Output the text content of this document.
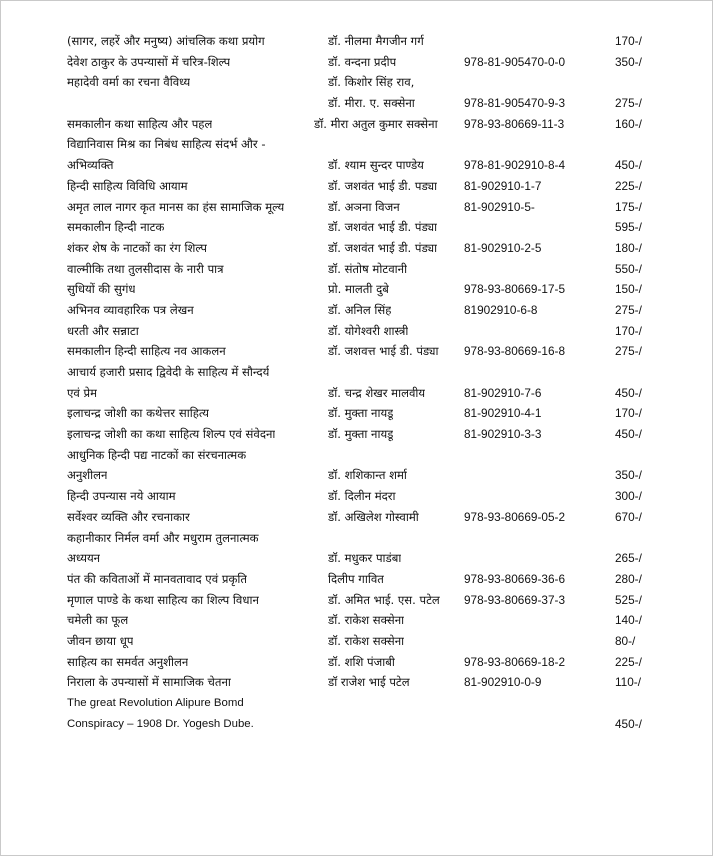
(सागर, लहरें और मनुष्य) आंचलिक कथा प्रयोग	डॉ. नीलमा मैगजीन गर्ग	170-/
देवेश ठाकुर के उपन्यासों में चरित्र-शिल्प	डॉ. वन्दना प्रदीप	978-81-905470-0-0	350-/
महादेवी वर्मा का रचना वैविध्य	डॉ. किशोर सिंह राव,
डॉ. मीरा. ए. सक्सेना	978-81-905470-9-3	275-/
समकालीन कथा साहित्य और पहल	डॉ. मीरा अतुल कुमार सक्सेना 978-93-80669-11-3	160-/
विद्यानिवास मिश्र का निबंध साहित्य संदर्भ और -
अभिव्यक्ति	डॉ. श्याम सुन्दर पाण्डेय	978-81-902910-8-4	450-/
हिन्दी साहित्य विविधि आयाम	डॉ. जशवंत भाई डी. पड्या 81-902910-1-7	225-/
अमृत लाल नागर कृत मानस का हंस सामाजिक मूल्य	डॉ. अञना विजन	81-902910-5-	175-/
समकालीन हिन्दी नाटक	डॉ. जशवंत भाई डी. पंड्या	595-/
शंकर शेष के नाटकों का रंग शिल्प	डॉ. जशवंत भाई डी. पंड्या 81-902910-2-5	180-/
वाल्मीकि तथा तुलसीदास के नारी पात्र	डॉ. संतोष मोटवानी	550-/
सुधियों की सुगंध	प्रो. मालती दुबे	978-93-80669-17-5	150-/
अभिनव व्यावहारिक पत्र लेखन	डॉ. अनिल सिंह	81902910-6-8	275-/
धरती और सन्नाटा	डॉ. योगेश्वरी शास्त्री	170-/
समकालीन हिन्दी साहित्य नव आकलन	डॉ. जशवत्त भाई डी. पंड्या 978-93-80669-16-8	275-/
आचार्य हजारी प्रसाद द्विवेदी के साहित्य में सौन्दर्य
एवं प्रेम	डॉ. चन्द्र शेखर मालवीय	81-902910-7-6	450-/
इलाचन्द्र जोशी का कथेत्तर साहित्य	डॉ. मुक्ता नायडू	81-902910-4-1	170-/
इलाचन्द्र जोशी का कथा साहित्य शिल्प एवं संवेदना	डॉ. मुक्ता नायडू	81-902910-3-3	450-/
आधुनिक हिन्दी पद्य नाटकों का संरचनात्मक
अनुशीलन	डॉ. शशिकान्त शर्मा	350-/
हिन्दी उपन्यास नये आयाम	डॉ. दिलीन मंदरा	300-/
सर्वेश्वर व्यक्ति और रचनाकार	डॉ. अखिलेश गोस्वामी	978-93-80669-05-2	670-/
कहानीकार निर्मल वर्मा और मधुराम तुलनात्मक
अध्ययन	डॉ. मधुकर पाडंबा	265-/
पंत की कविताओं में मानवतावाद एवं प्रकृति	दिलीप गावित	978-93-80669-36-6	280-/
मृणाल पाण्डे के कथा साहित्य का शिल्प विधान	डॉ. अमित भाई. एस. पटेल 978-93-80669-37-3	525-/
चमेली का फूल	डॉ. राकेश सक्सेना	140-/
जीवन छाया धूप	डॉ. राकेश सक्सेना	80-/
साहित्य का समर्वत अनुशीलन	डॉ. शशि पंजाबी	978-93-80669-18-2	225-/
निराला के उपन्यासों में सामाजिक चेतना	डॉ राजेश भाई पटेल	81-902910-0-9	110-/
The great Revolution Alipure Bomd
Conspiracy – 1908 Dr. Yogesh Dube.	450-/
